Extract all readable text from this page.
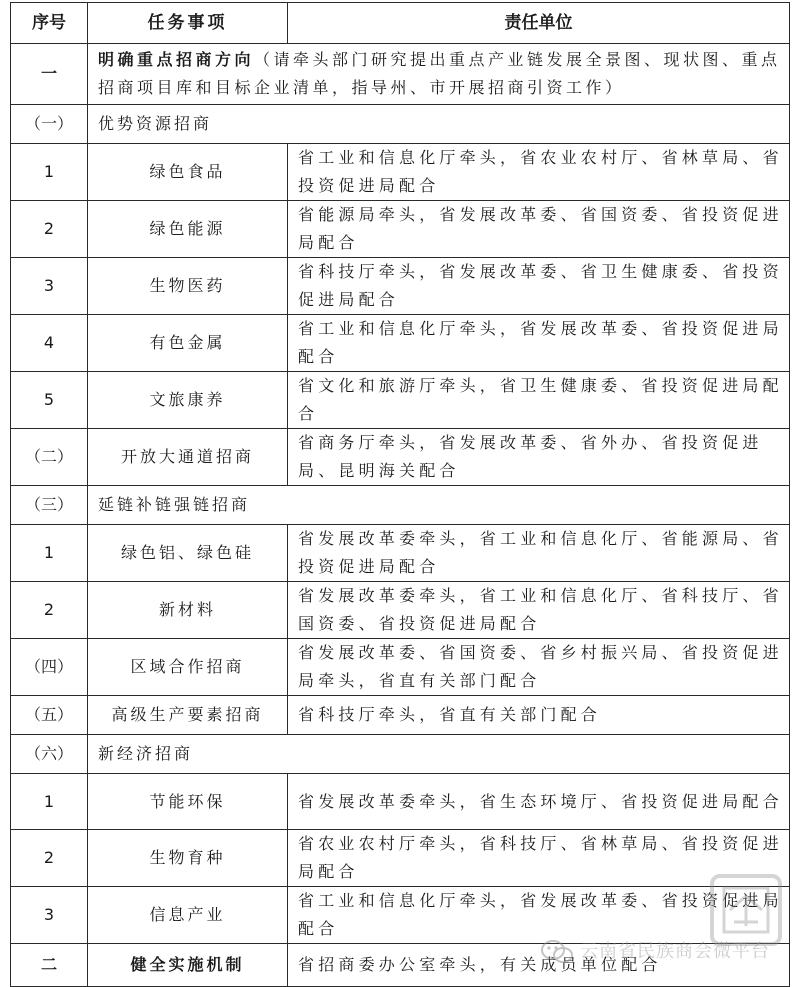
序号	任务事项	责任单位
一	明确重点招商方向（请牵头部门研究提出重点产业链发展全景图、现状图、重点招商项目库和目标企业清单，指导州、市开展招商引资工作）	
（一）	优势资源招商	
1	绿色食品	省工业和信息化厅牵头，省农业农村厅、省林草局、省投资促进局配合
2	绿色能源	省能源局牵头，省发展改革委、省国资委、省投资促进局配合
3	生物医药	省科技厅牵头，省发展改革委、省卫生健康委、省投资促进局配合
4	有色金属	省工业和信息化厅牵头，省发展改革委、省投资促进局配合
5	文旅康养	省文化和旅游厅牵头，省卫生健康委、省投资促进局配合
（二）	开放大通道招商	省商务厅牵头，省发展改革委、省外办、省投资促进局、昆明海关配合
（三）	延链补链强链招商	
1	绿色铝、绿色硅	省发展改革委牵头，省工业和信息化厅、省能源局、省投资促进局配合
2	新材料	省发展改革委牵头，省工业和信息化厅、省科技厅、省国资委、省投资促进局配合
（四）	区域合作招商	省发展改革委、省国资委、省乡村振兴局、省投资促进局牵头，省直有关部门配合
（五）	高级生产要素招商	省科技厅牵头，省直有关部门配合
（六）	新经济招商	
1	节能环保	省发展改革委牵头，省生态环境厅、省投资促进局配合
2	生物育种	省农业农村厅牵头，省科技厅、省林草局、省投资促进局配合
3	信息产业	省工业和信息化厅牵头，省发展改革委、省投资促进局配合
二	健全实施机制	省招商委办公室牵头，有关成员单位配合
云南省民族商会微平台
